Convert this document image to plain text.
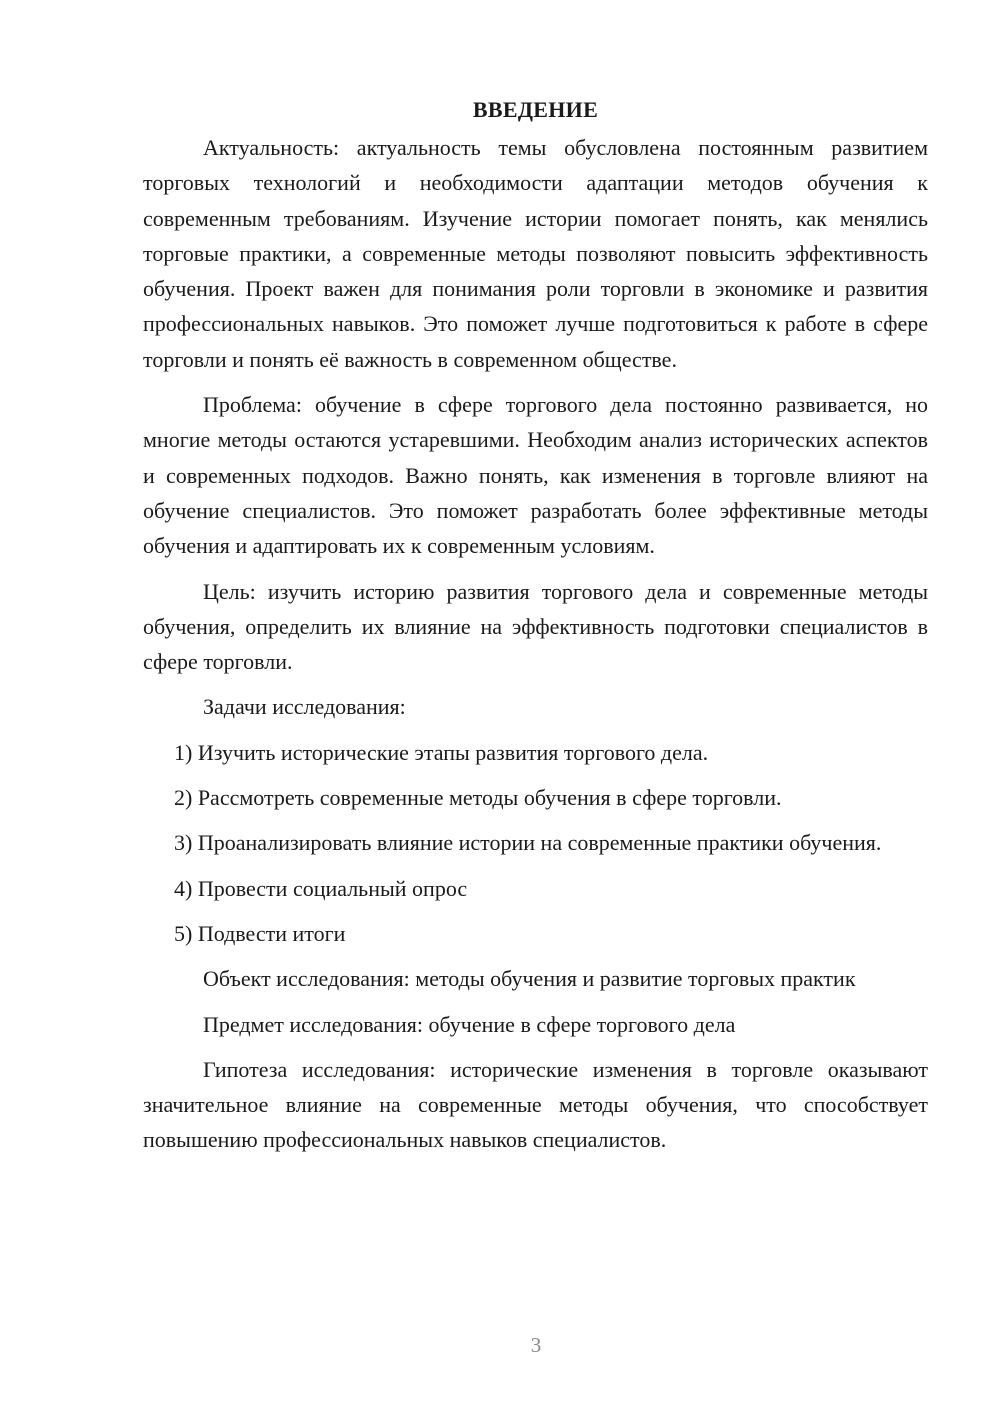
ВВЕДЕНИЕ

Актуальность: актуальность темы обусловлена постоянным развитием торговых технологий и необходимости адаптации методов обучения к современным требованиям. Изучение истории помогает понять, как менялись торговые практики, а современные методы позволяют повысить эффективность обучения. Проект важен для понимания роли торговли в экономике и развития профессиональных навыков. Это поможет лучше подготовиться к работе в сфере торговли и понять её важность в современном обществе.

Проблема: обучение в сфере торгового дела постоянно развивается, но многие методы остаются устаревшими. Необходим анализ исторических аспектов и современных подходов. Важно понять, как изменения в торговле влияют на обучение специалистов. Это поможет разработать более эффективные методы обучения и адаптировать их к современным условиям.

Цель: изучить историю развития торгового дела и современные методы обучения, определить их влияние на эффективность подготовки специалистов в сфере торговли.

Задачи исследования:

1) Изучить исторические этапы развития торгового дела.

2) Рассмотреть современные методы обучения в сфере торговли.

3) Проанализировать влияние истории на современные практики обучения.

4) Провести социальный опрос

5) Подвести итоги

Объект исследования: методы обучения и развитие торговых практик

Предмет исследования: обучение в сфере торгового дела

Гипотеза исследования: исторические изменения в торговле оказывают значительное влияние на современные методы обучения, что способствует повышению профессиональных навыков специалистов.

3
